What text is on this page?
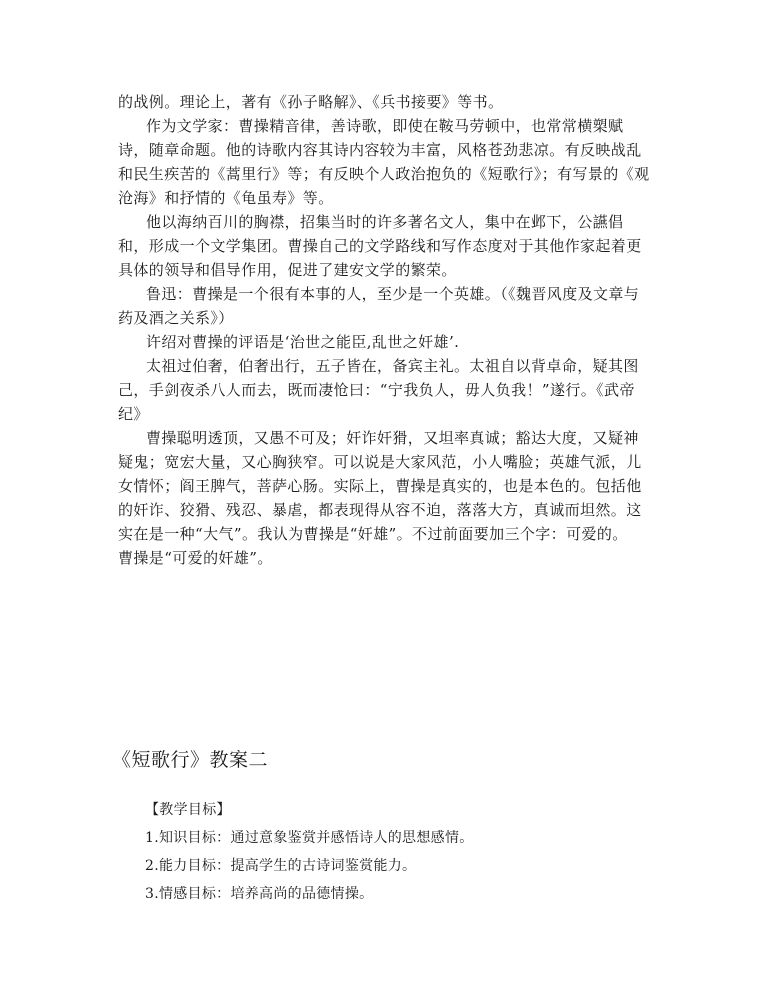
的战例。理论上，著有《孙子略解》、《兵书接要》等书。
作为文学家：曹操精音律，善诗歌，即使在鞍马劳顿中，也常常横槊赋
诗，随章命题。他的诗歌内容其诗内容较为丰富，风格苍劲悲凉。有反映战乱
和民生疾苦的《蒿里行》等；有反映个人政治抱负的《短歌行》；有写景的《观
沧海》和抒情的《龟虽寿》等。
他以海纳百川的胸襟，招集当时的许多著名文人，集中在邺下，公讌倡
和，形成一个文学集团。曹操自己的文学路线和写作态度对于其他作家起着更
具体的领导和倡导作用，促进了建安文学的繁荣。
鲁迅：曹操是一个很有本事的人，至少是一个英雄。（《魏晋风度及文章与
药及酒之关系》）
许绍对曹操的评语是‘治世之能臣,乱世之奸雄’.
太祖过伯奢，伯奢出行，五子皆在，备宾主礼。太祖自以背卓命，疑其图
己，手剑夜杀八人而去，既而凄怆曰：“宁我负人，毋人负我！”遂行。《武帝
纪》
曹操聪明透顶，又愚不可及；奸诈奸猾，又坦率真诚；豁达大度，又疑神
疑鬼；宽宏大量，又心胸狭窄。可以说是大家风范，小人嘴脸；英雄气派，儿
女情怀；阎王脾气，菩萨心肠。实际上，曹操是真实的，也是本色的。包括他
的奸诈、狡猾、残忍、暴虐，都表现得从容不迫，落落大方，真诚而坦然。这
实在是一种“大气”。我认为曹操是“奸雄”。不过前面要加三个字：可爱的。
曹操是“可爱的奸雄”。
《短歌行》教案二
【教学目标】
1.知识目标：通过意象鉴赏并感悟诗人的思想感情。
2.能力目标：提高学生的古诗词鉴赏能力。
3.情感目标：培养高尚的品德情操。
